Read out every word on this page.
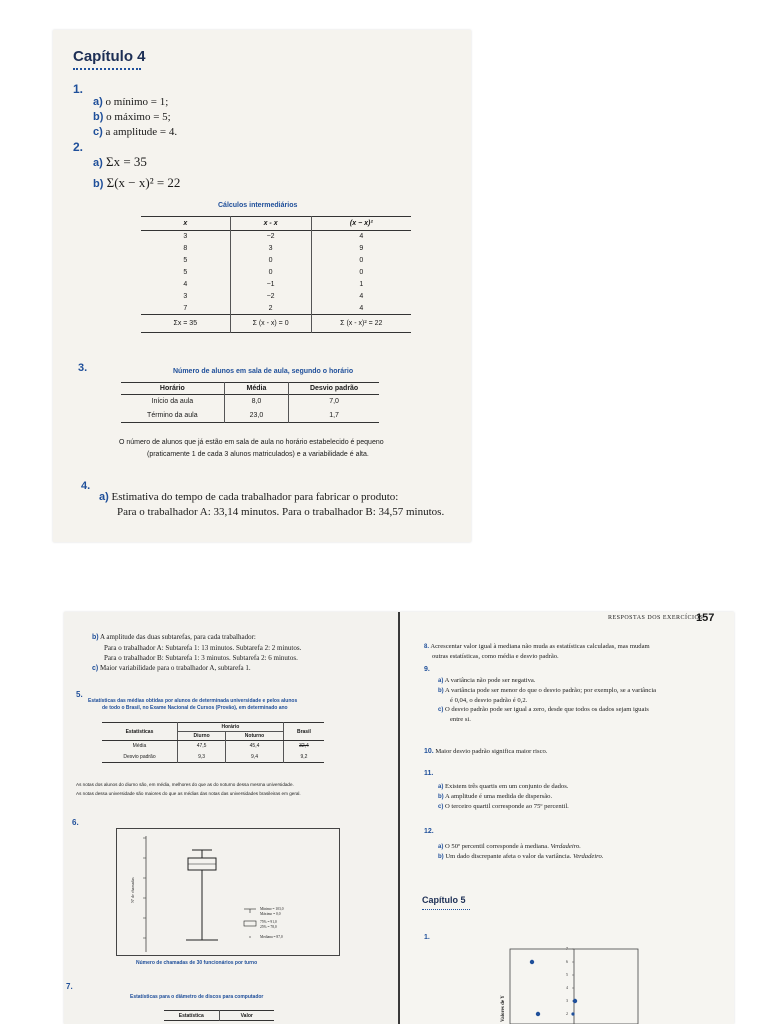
Capítulo 4
1.
a) o mínimo = 1;
b) o máximo = 5;
c) a amplitude = 4.
2.
a) Σx = 35
b) Σ(x − x)² = 22
Cálculos intermediários
x	x - x	(x − x)²
3	−2	4
8	3	9
5	0	0
5	0	0
4	−1	1
3	−2	4
7	2	4
Σx = 35	Σ (x - x) = 0	Σ (x - x)² = 22
3.	Número de alunos em sala de aula, segundo o horário
Horário	Média	Desvio padrão
Início da aula	8,0	7,0
Término da aula	23,0	1,7
O número de alunos que já estão em sala de aula no horário estabelecido é pequeno
(praticamente 1 de cada 3 alunos matriculados) e a variabilidade é alta.
4.
a) Estimativa do tempo de cada trabalhador para fabricar o produto:
Para o trabalhador A: 33,14 minutos. Para o trabalhador B: 34,57 minutos.
b) A amplitude das duas subtarefas, para cada trabalhador:
Para o trabalhador A: Subtarefa 1: 13 minutos. Subtarefa 2: 2 minutos.
Para o trabalhador B: Subtarefa 1: 3 minutos. Subtarefa 2: 6 minutos.
c) Maior variabilidade para o trabalhador A, subtarefa 1.
5.
Estatísticas das médias obtidas por alunos de determinada universidade e pelos alunos
de todo o Brasil, no Exame Nacional de Cursos (Provão), em determinado ano
Estatísticas	Horário		Brasil
	Diurno	Noturno	
Média	47,5	45,4	32,4
Desvio padrão	9,3	9,4	9,2
As notas dos alunos do diurno são, em média, melhores do que as do noturno dessa mesma universidade.
As notas dessa universidade são maiores do que as médias das notas das universidades brasileiras em geral.
6.
Nº de chamadas
Mínimo = 103,0
Máximo = 0,0
75% = 91,0
25% = 78,0
Mediana = 87,0
Número de chamadas de 30 funcionários por turno
7.
Estatísticas para o diâmetro de discos para computador
Estatística	Valor
RESPOSTAS DOS EXERCÍCIOS
157
8. Acrescentar valor igual à mediana não muda as estatísticas calculadas, mas mudam
outras estatísticas, como média e desvio padrão.
9.
a) A variância não pode ser negativa.
b) A variância pode ser menor do que o desvio padrão; por exemplo, se a variância
é 0,04, o desvio padrão é 0,2.
c) O desvio padrão pode ser igual a zero, desde que todos os dados sejam iguais
entre si.
10. Maior desvio padrão significa maior risco.
11.
a) Existem três quartis em um conjunto de dados.
b) A amplitude é uma medida de dispersão.
c) O terceiro quartil corresponde ao 75º percentil.
12.
a) O 50º percentil corresponde à mediana. Verdadeiro.
b) Um dado discrepante afeta o valor da variância. Verdadeiro.
Capítulo 5
1.
7
6
5
4
3
2
Valores de Y
